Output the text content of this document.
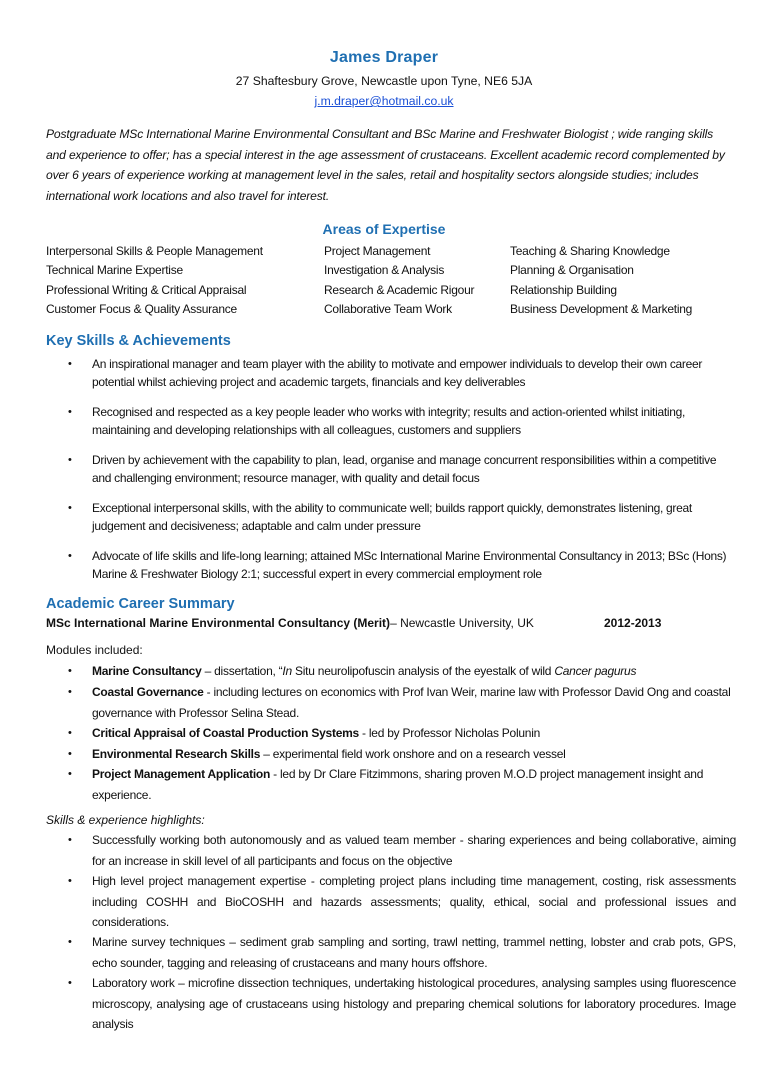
James Draper
27 Shaftesbury Grove, Newcastle upon Tyne, NE6 5JA
j.m.draper@hotmail.co.uk
Postgraduate MSc International Marine Environmental Consultant and BSc Marine and Freshwater Biologist ; wide ranging skills and experience to offer; has a special interest in the age assessment of crustaceans. Excellent academic record complemented by over 6 years of experience working at management level in the sales, retail and hospitality sectors alongside studies; includes international work locations and also travel for interest.
Areas of Expertise
Interpersonal Skills & People Management	Project Management	Teaching & Sharing Knowledge
Technical Marine Expertise	Investigation & Analysis	Planning & Organisation
Professional Writing & Critical Appraisal	Research & Academic Rigour	Relationship Building
Customer Focus & Quality Assurance	Collaborative Team Work	Business Development & Marketing
Key Skills & Achievements
•	An inspirational manager and team player with the ability to motivate and empower individuals to develop their own career potential whilst achieving project and academic targets, financials and key deliverables
•	Recognised and respected as a key people leader who works with integrity; results and action-oriented whilst initiating, maintaining and developing relationships with all colleagues, customers and suppliers
•	Driven by achievement with the capability to plan, lead, organise and manage concurrent responsibilities within a competitive and challenging environment; resource manager, with quality and detail focus
•	Exceptional interpersonal skills, with the ability to communicate well; builds rapport quickly, demonstrates listening, great judgement and decisiveness; adaptable and calm under pressure
•	Advocate of life skills and life-long learning; attained MSc International Marine Environmental Consultancy in 2013; BSc (Hons) Marine & Freshwater Biology 2:1; successful expert in every commercial employment role
Academic Career Summary
MSc International Marine Environmental Consultancy (Merit) – Newcastle University, UK	2012-2013
Modules included:
•	Marine Consultancy – dissertation, “In Situ neurolipofuscin analysis of the eyestalk of wild Cancer pagurus
•	Coastal Governance - including lectures on economics with Prof Ivan Weir, marine law with Professor David Ong and coastal governance with Professor Selina Stead.
•	Critical Appraisal of Coastal Production Systems - led by Professor Nicholas Polunin
•	Environmental Research Skills – experimental field work onshore and on a research vessel
•	Project Management Application - led by Dr Clare Fitzimmons, sharing proven M.O.D project management insight and experience.
Skills & experience highlights:
•	Successfully working both autonomously and as valued team member - sharing experiences and being collaborative, aiming for an increase in skill level of all participants and focus on the objective
•	High level project management expertise - completing project plans including time management, costing, risk assessments including COSHH and BioCOSHH and hazards assessments; quality, ethical, social and professional issues and considerations.
•	Marine survey techniques – sediment grab sampling and sorting, trawl netting, trammel netting, lobster and crab pots, GPS, echo sounder, tagging and releasing of crustaceans and many hours offshore.
•	Laboratory work – microfine dissection techniques, undertaking histological procedures, analysing samples using fluorescence microscopy, analysing age of crustaceans using histology and preparing chemical solutions for laboratory procedures. Image analysis
